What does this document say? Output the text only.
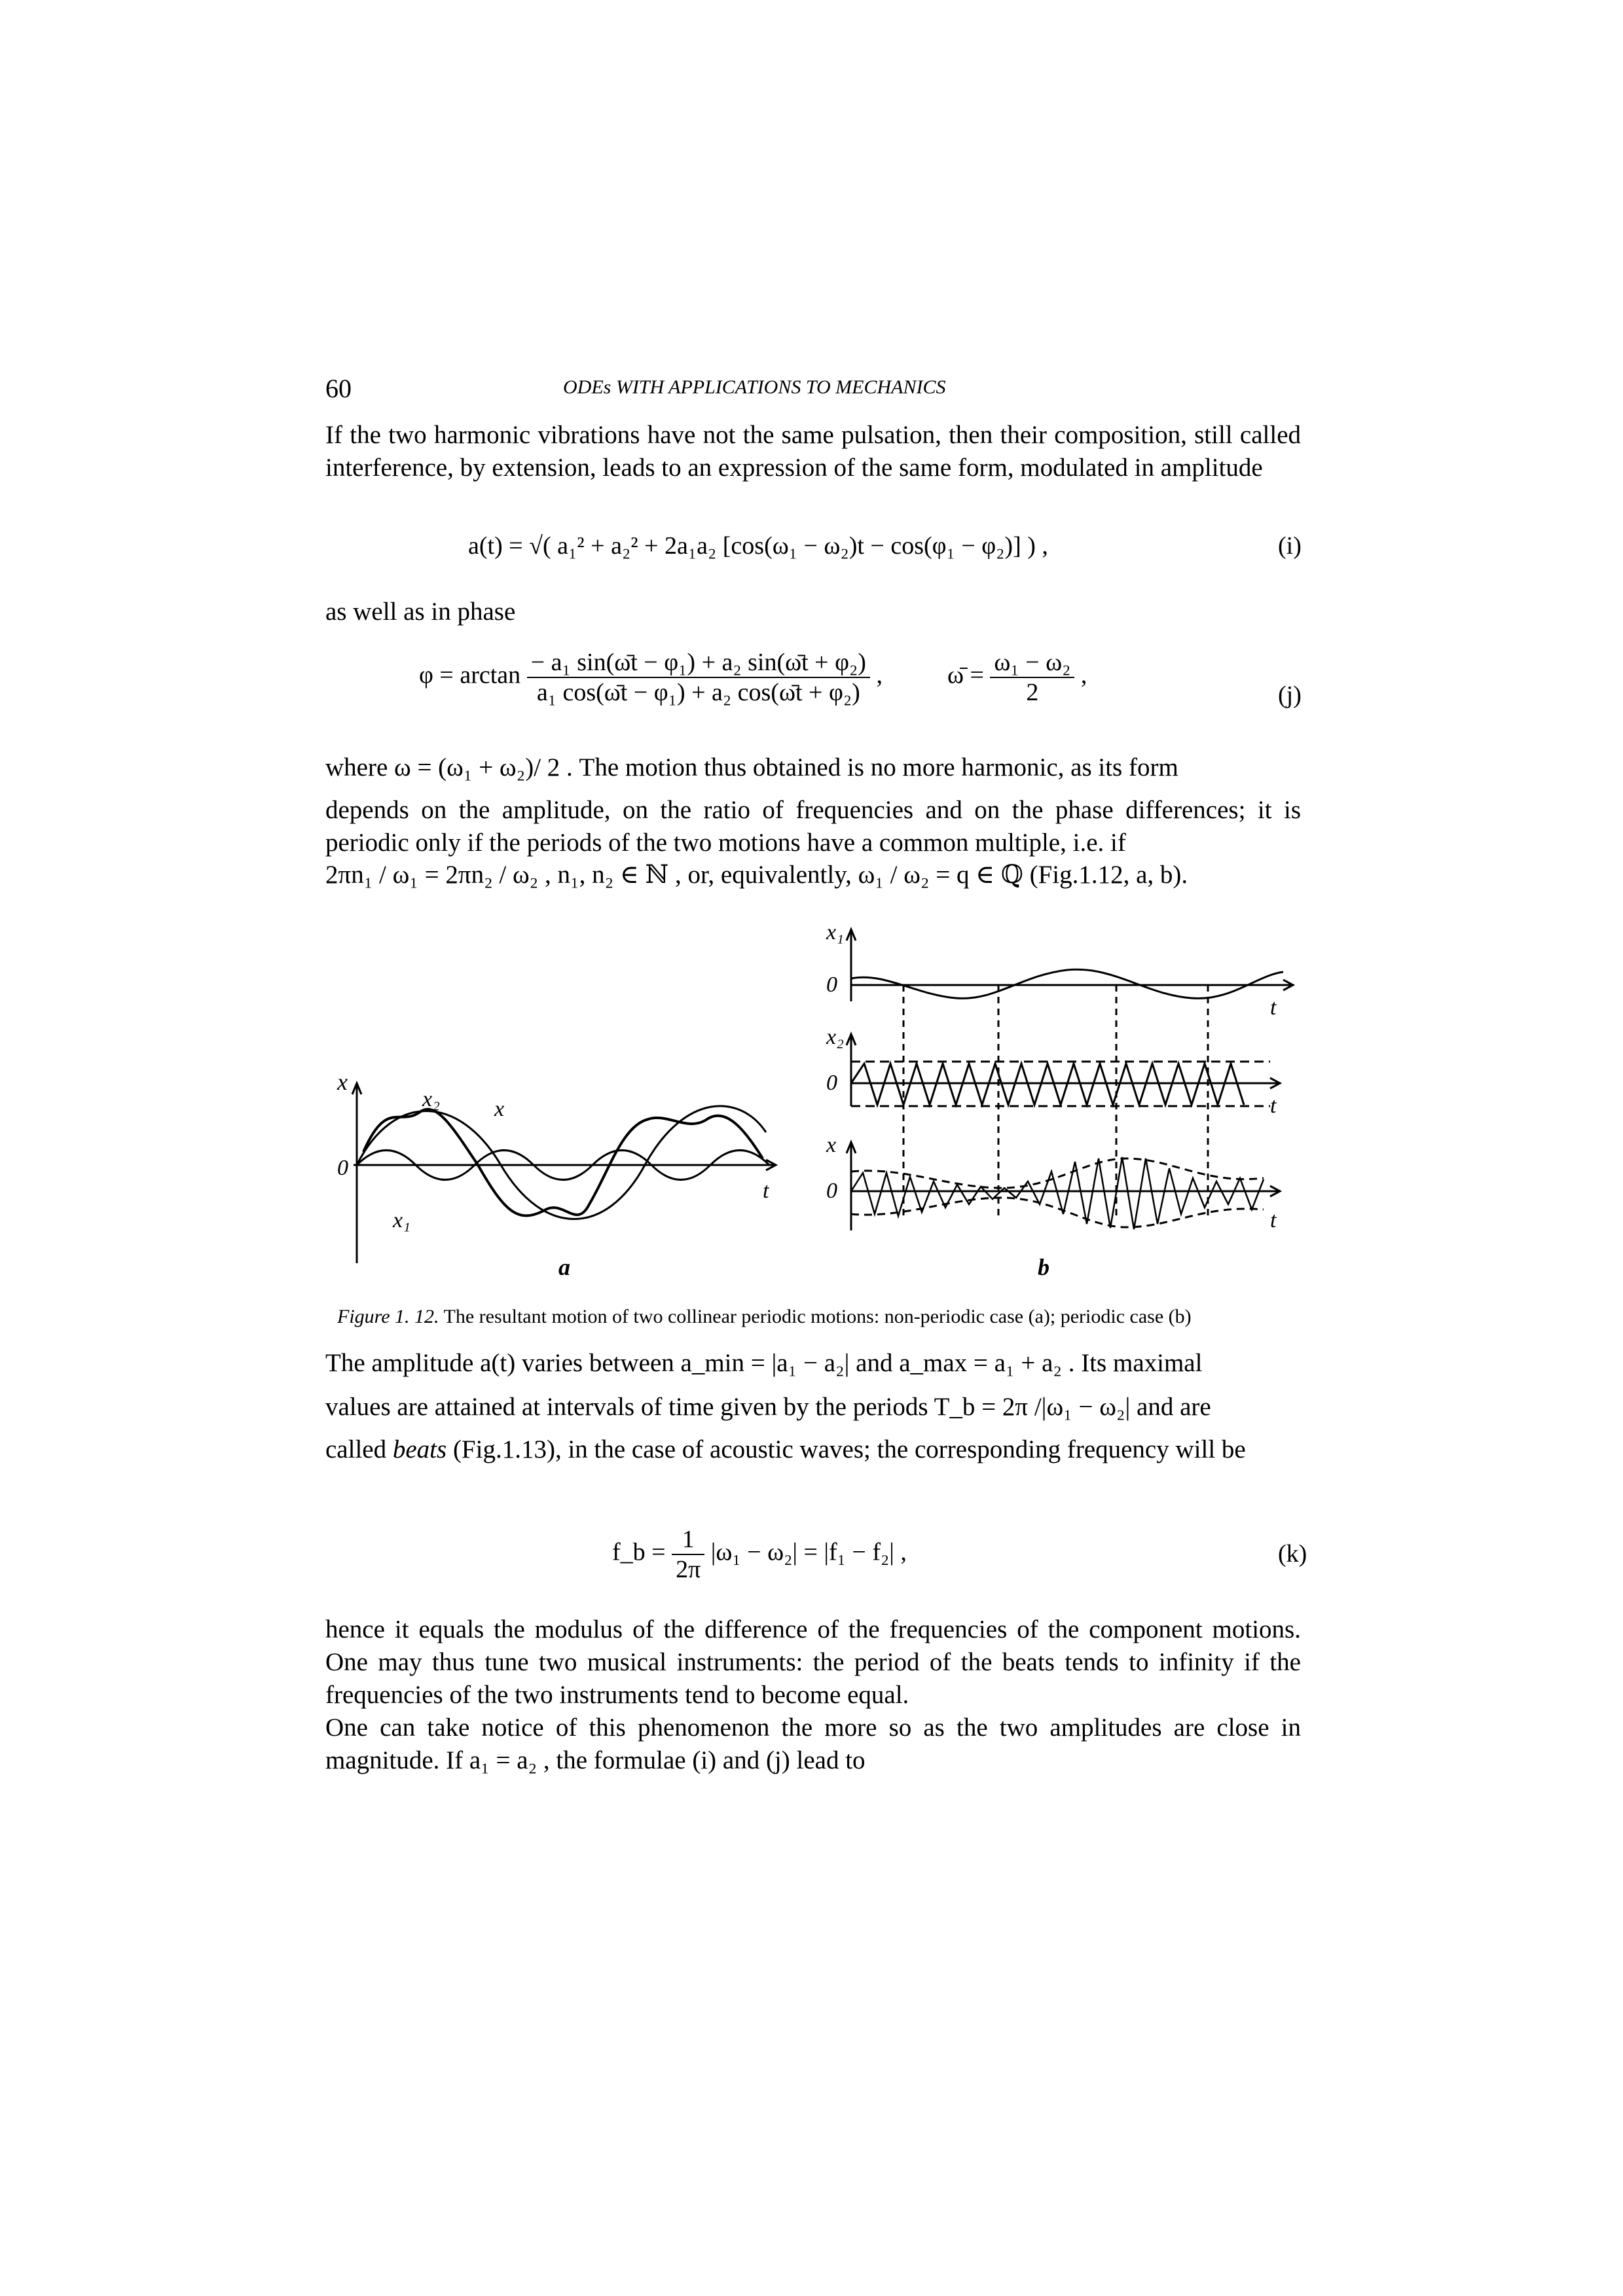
60	ODEs WITH APPLICATIONS TO MECHANICS

If the two harmonic vibrations have not the same pulsation, then their composition, still called interference, by extension, leads to an expression of the same form, modulated in amplitude

a(t) = √( a₁² + a₂² + 2a₁a₂ [cos(ω₁ − ω₂)t − cos(φ₁ − φ₂)] ) ,	(i)
as well as in phase
$\varphi = \arctan \frac{\text{− a₁ sin(ω̄t − φ₁) + a₂ sin(ω̄t + φ₂)}}{\text{a₁ cos(ω̄t − φ₁) + a₂ cos(ω̄t + φ₂)}}$ ,	ω̄ = $\frac{\text{ω₁ − ω₂}}{2}$ ,
(j)
where ω = (ω₁ + ω₂)/ 2 . The motion thus obtained is no more harmonic, as its form

depends on the amplitude, on the ratio of frequencies and on the phase differences; it is periodic only if the periods of the two motions have a common multiple, i.e. if

2πn₁ / ω₁ = 2πn₂ / ω₂ , n₁, n₂ ∈ ℕ , or, equivalently, ω₁ / ω₂ = q ∈ ℚ (Fig.1.12, a, b).
x
x₂ x
x₁
0
t
x₁
0
t
x₂
0
t
x
0
t
a	b
Figure 1. 12. The resultant motion of two collinear periodic motions: non-periodic case (a); periodic case (b)
The amplitude a(t) varies between a_min = |a₁ − a₂| and a_max = a₁ + a₂ . Its maximal
values are attained at intervals of time given by the periods T_b = 2π /|ω₁ − ω₂| and are

called beats (Fig.1.13), in the case of acoustic waves; the corresponding frequency will be

f_b = $\frac{1}{2\pi} |\omega_1 - \omega_2| = |f_1 - f_2|$ ,	(k)

hence it equals the modulus of the difference of the frequencies of the component motions. One may thus tune two musical instruments: the period of the beats tends to infinity if the frequencies of the two instruments tend to become equal.

One can take notice of this phenomenon the more so as the two amplitudes are close in magnitude. If a₁ = a₂ , the formulae (i) and (j) lead to
